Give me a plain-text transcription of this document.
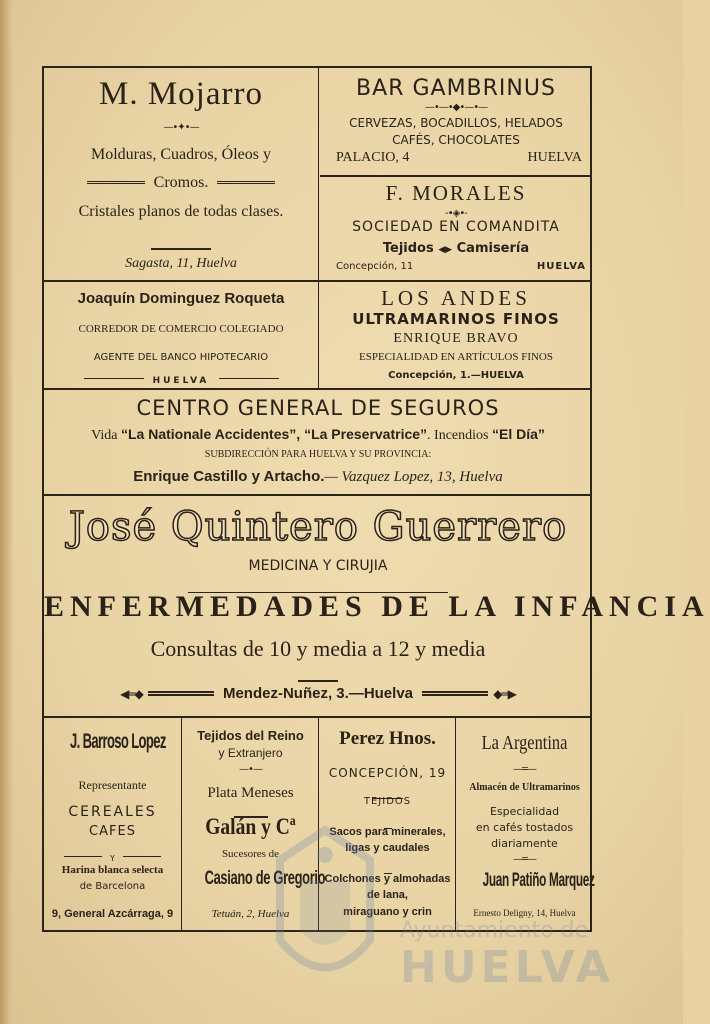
M. Mojarro
—•✦•—
Molduras, Cuadros, Óleos y
Cromos.
Cristales planos de todas clases.
Sagasta, 11, Huelva
BAR GAMBRINUS
—•—•◆•—•—
CERVEZAS, BOCADILLOS, HELADOS
CAFÉS, CHOCOLATES
PALACIO, 4	HUELVA
F. MORALES
-•◈•-
SOCIEDAD EN COMANDITA
Tejidos ◀▶ Camisería
Concepción, 11	HUELVA
Joaquín Dominguez Roqueta
CORREDOR DE COMERCIO COLEGIADO
AGENTE DEL BANCO HIPOTECARIO
HUELVA
LOS ANDES
ULTRAMARINOS FINOS
ENRIQUE BRAVO
ESPECIALIDAD EN ARTÍCULOS FINOS
Concepción, 1.—HUELVA
CENTRO GENERAL DE SEGUROS
Vida “La Nationale Accidentes”, “La Preservatrice”. Incendios “El Día”
SUBDIRECCIÓN PARA HUELVA Y SU PROVINCIA:
Enrique Castillo y Artacho.— Vazquez Lopez, 13, Huelva
José Quintero Guerrero
MEDICINA Y CIRUJIA
ENFERMEDADES DE LA INFANCIA
Consultas de 10 y media a 12 y media
◀═◆	Mendez-Nuñez, 3.—Huelva	◆═▶
J. Barroso Lopez
Representante
CEREALES
CAFES
Y
Harina blanca selecta
de Barcelona
9, General Azcárraga, 9
Tejidos del Reino
y Extranjero
—•—
Plata Meneses
Galán y Cª
Sucesores de
Casiano de Gregorio
Tetuán, 2, Huelva
Perez Hnos.
CONCEPCIÓN, 19
TEJIDOS
Sacos para minerales,
ligas y caudales
Colchones y almohadas
de lana,
miraguano y crin
La Argentina
—═—
Almacén de Ultramarinos
Especialidad
en cafés tostados
diariamente
—═—
Juan Patiño Marquez
Ernesto Deligny, 14, Huelva
Ayuntamiento de
HUELVA
